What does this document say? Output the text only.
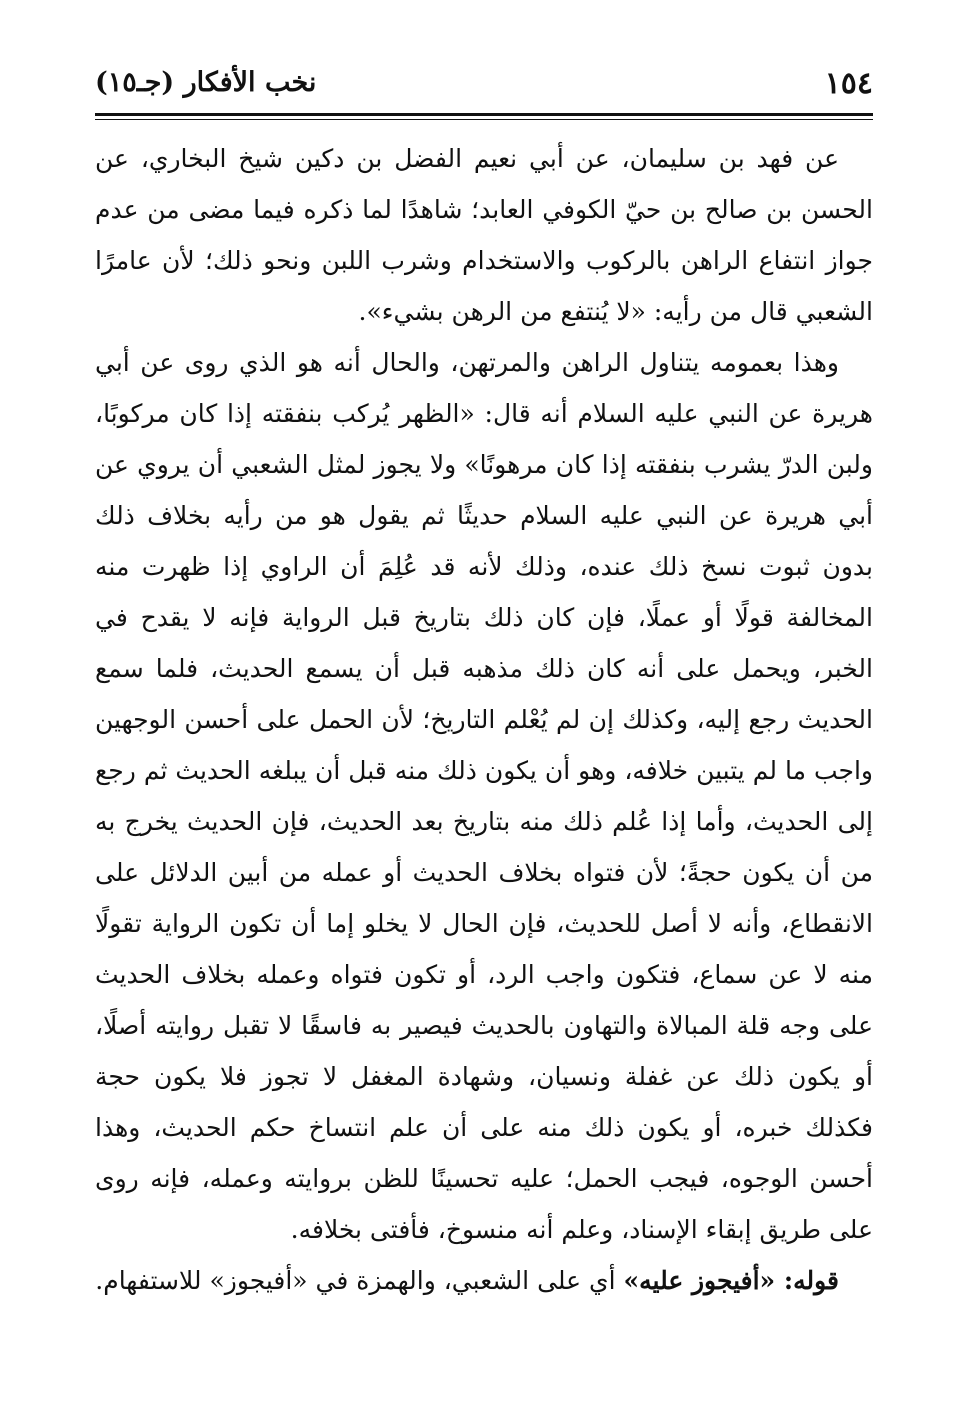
١٥٤
نخب الأفكار (جـ١٥)

عن فهد بن سليمان، عن أبي نعيم الفضل بن دكين شيخ البخاري، عن الحسن بن صالح بن حيّ الكوفي العابد؛ شاهدًا لما ذكره فيما مضى من عدم جواز انتفاع الراهن بالركوب والاستخدام وشرب اللبن ونحو ذلك؛ لأن عامرًا الشعبي قال من رأيه: «لا يُنتفع من الرهن بشيء».

وهذا بعمومه يتناول الراهن والمرتهن، والحال أنه هو الذي روى عن أبي هريرة عن النبي عليه السلام أنه قال: «الظهر يُركب بنفقته إذا كان مركوبًا، ولبن الدرّ يشرب بنفقته إذا كان مرهونًا» ولا يجوز لمثل الشعبي أن يروي عن أبي هريرة عن النبي عليه السلام حديثًا ثم يقول هو من رأيه بخلاف ذلك بدون ثبوت نسخ ذلك عنده، وذلك لأنه قد عُلِمَ أن الراوي إذا ظهرت منه المخالفة قولًا أو عملًا، فإن كان ذلك بتاريخ قبل الرواية فإنه لا يقدح في الخبر، ويحمل على أنه كان ذلك مذهبه قبل أن يسمع الحديث، فلما سمع الحديث رجع إليه، وكذلك إن لم يُعْلم التاريخ؛ لأن الحمل على أحسن الوجهين واجب ما لم يتبين خلافه، وهو أن يكون ذلك منه قبل أن يبلغه الحديث ثم رجع إلى الحديث، وأما إذا عُلم ذلك منه بتاريخ بعد الحديث، فإن الحديث يخرج به من أن يكون حجةً؛ لأن فتواه بخلاف الحديث أو عمله من أبين الدلائل على الانقطاع، وأنه لا أصل للحديث، فإن الحال لا يخلو إما أن تكون الرواية تقولًا منه لا عن سماع، فتكون واجب الرد، أو تكون فتواه وعمله بخلاف الحديث على وجه قلة المبالاة والتهاون بالحديث فيصير به فاسقًا لا تقبل روايته أصلًا، أو يكون ذلك عن غفلة ونسيان، وشهادة المغفل لا تجوز فلا يكون حجة فكذلك خبره، أو يكون ذلك منه على أن علم انتساخ حكم الحديث، وهذا أحسن الوجوه، فيجب الحمل؛ عليه تحسينًا للظن بروايته وعمله، فإنه روى على طريق إبقاء الإسناد، وعلم أنه منسوخ، فأفتى بخلافه.

قوله: «أفيجوز عليه» أي على الشعبي، والهمزة في «أفيجوز» للاستفهام.
